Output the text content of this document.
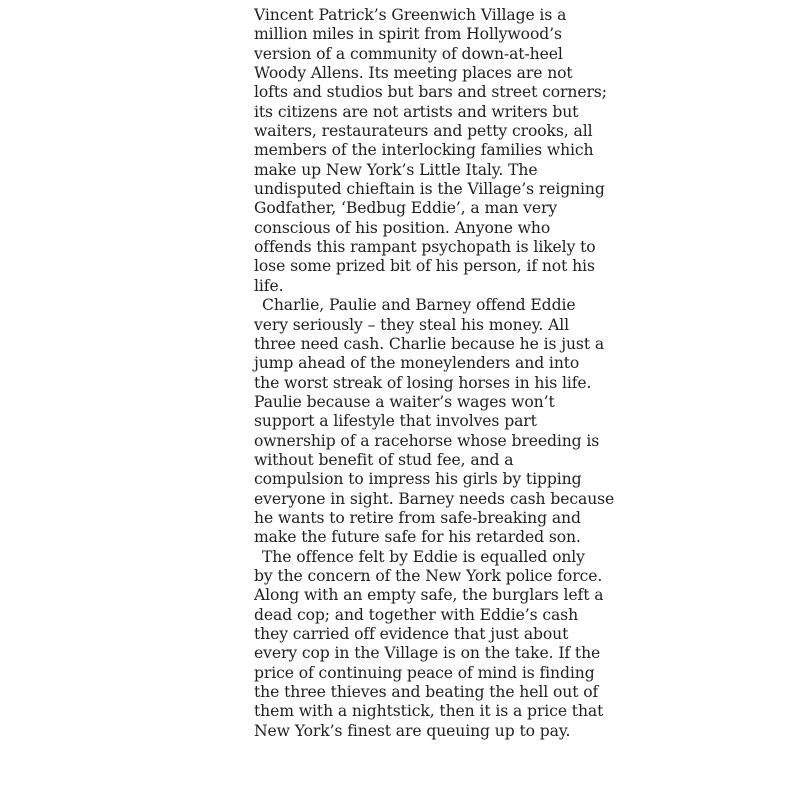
Vincent Patrick’s Greenwich Village is a
million miles in spirit from Hollywood’s
version of a community of down-at-heel
Woody Allens. Its meeting places are not
lofts and studios but bars and street corners;
its citizens are not artists and writers but
waiters, restaurateurs and petty crooks, all
members of the interlocking families which
make up New York’s Little Italy. The
undisputed chieftain is the Village’s reigning
Godfather, ‘Bedbug Eddie’, a man very
conscious of his position. Anyone who
offends this rampant psychopath is likely to
lose some prized bit of his person, if not his
life.
Charlie, Paulie and Barney offend Eddie
very seriously – they steal his money. All
three need cash. Charlie because he is just a
jump ahead of the moneylenders and into
the worst streak of losing horses in his life.
Paulie because a waiter’s wages won’t
support a lifestyle that involves part
ownership of a racehorse whose breeding is
without benefit of stud fee, and a
compulsion to impress his girls by tipping
everyone in sight. Barney needs cash because
he wants to retire from safe-breaking and
make the future safe for his retarded son.
The offence felt by Eddie is equalled only
by the concern of the New York police force.
Along with an empty safe, the burglars left a
dead cop; and together with Eddie’s cash
they carried off evidence that just about
every cop in the Village is on the take. If the
price of continuing peace of mind is finding
the three thieves and beating the hell out of
them with a nightstick, then it is a price that
New York’s finest are queuing up to pay.
